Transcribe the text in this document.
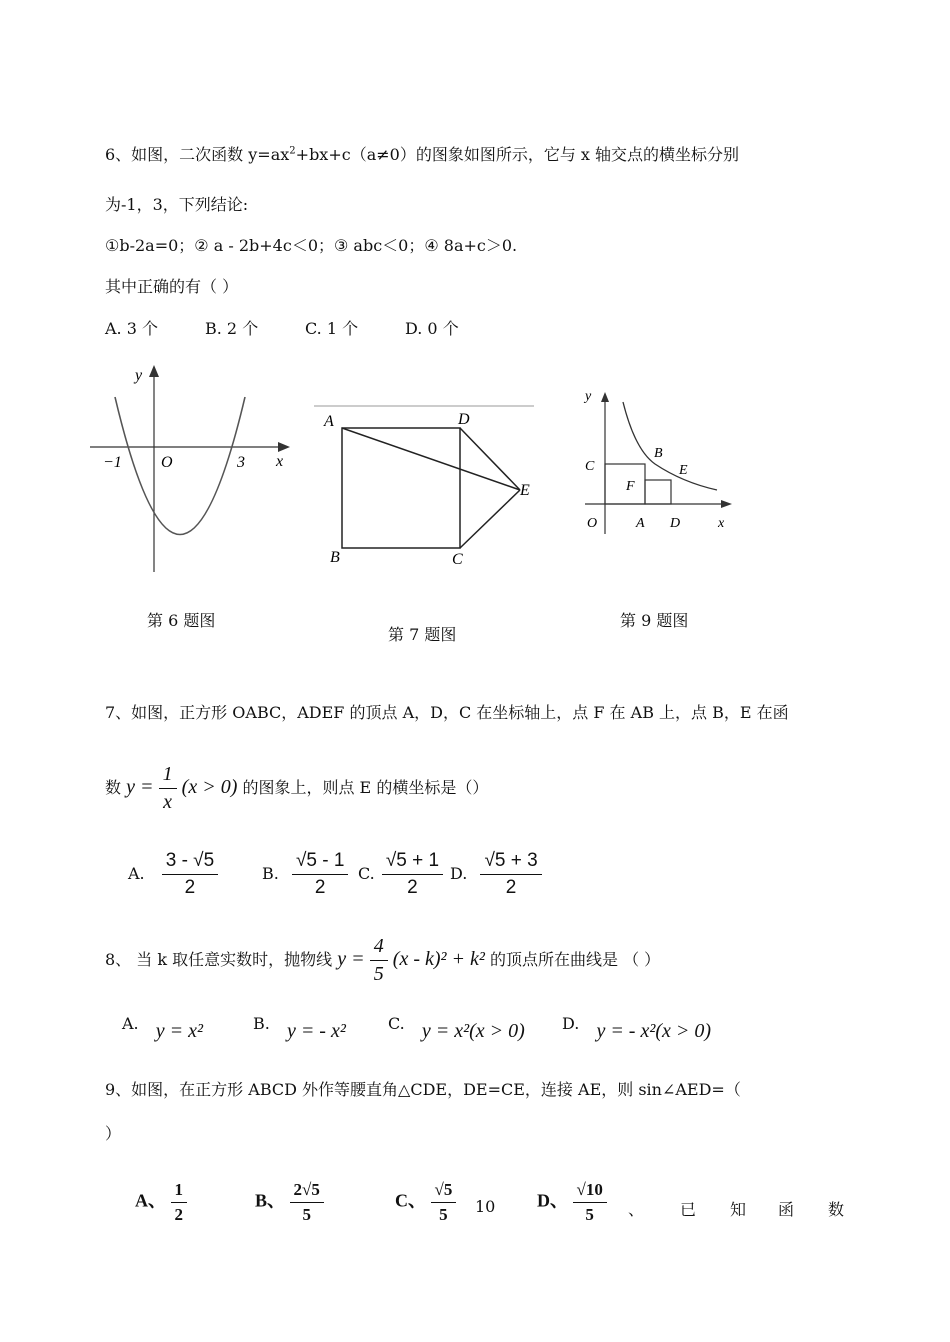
6、如图，二次函数 $y=ax^2+bx+c(a\ne 0)$的图象如图所示，它与 x 轴交点的横坐标分别
为-1，3，下列结论:
①b-2a=0；② a - 2b+4c＜0；③ abc＜0；④ 8a+c＞0.
其中正确的有（ ）
A. 3 个	B. 2 个	C. 1 个	D. 0 个
y
x
O
−1	3
A	D
E
B	C
y
x
O	A D
C
B
E
F
第 6 题图
第 7 题图
第 9 题图
7、如图，正方形 OABC，ADEF 的顶点 A，D，C 在坐标轴上，点 F 在 AB 上，点 B，E 在函
数 $y = \frac{1}{x} (x > 0)$ 的图象上，则点 E 的横坐标是（）
A. $\frac{3 - √5}{2}$	B. $\frac{√5 - 1}{2} C$. $\frac{√5 + 1}{2} D$. $\frac{√5 + 3}{2}$
8、 当 k 取任意实数时，抛物线 $y = \frac{4}{5} (x - k)^2 + k^2$ 的顶点所在曲线是 （ ）
A. y = x²	B. y = - x²	C. y = x²(x > 0) D. y = - x²(x > 0)
9、如图，在正方形 ABCD 外作等腰直角△CDE，DE=CE，连接 AE，则 sin∠AED=（
）
A、 $\frac{1}{2}$	B、 $\frac{2√5}{5}$	C、 $\frac{√5}{5} 10$ D、 $\frac{√10}{5}$ 、 已 知 函 数
